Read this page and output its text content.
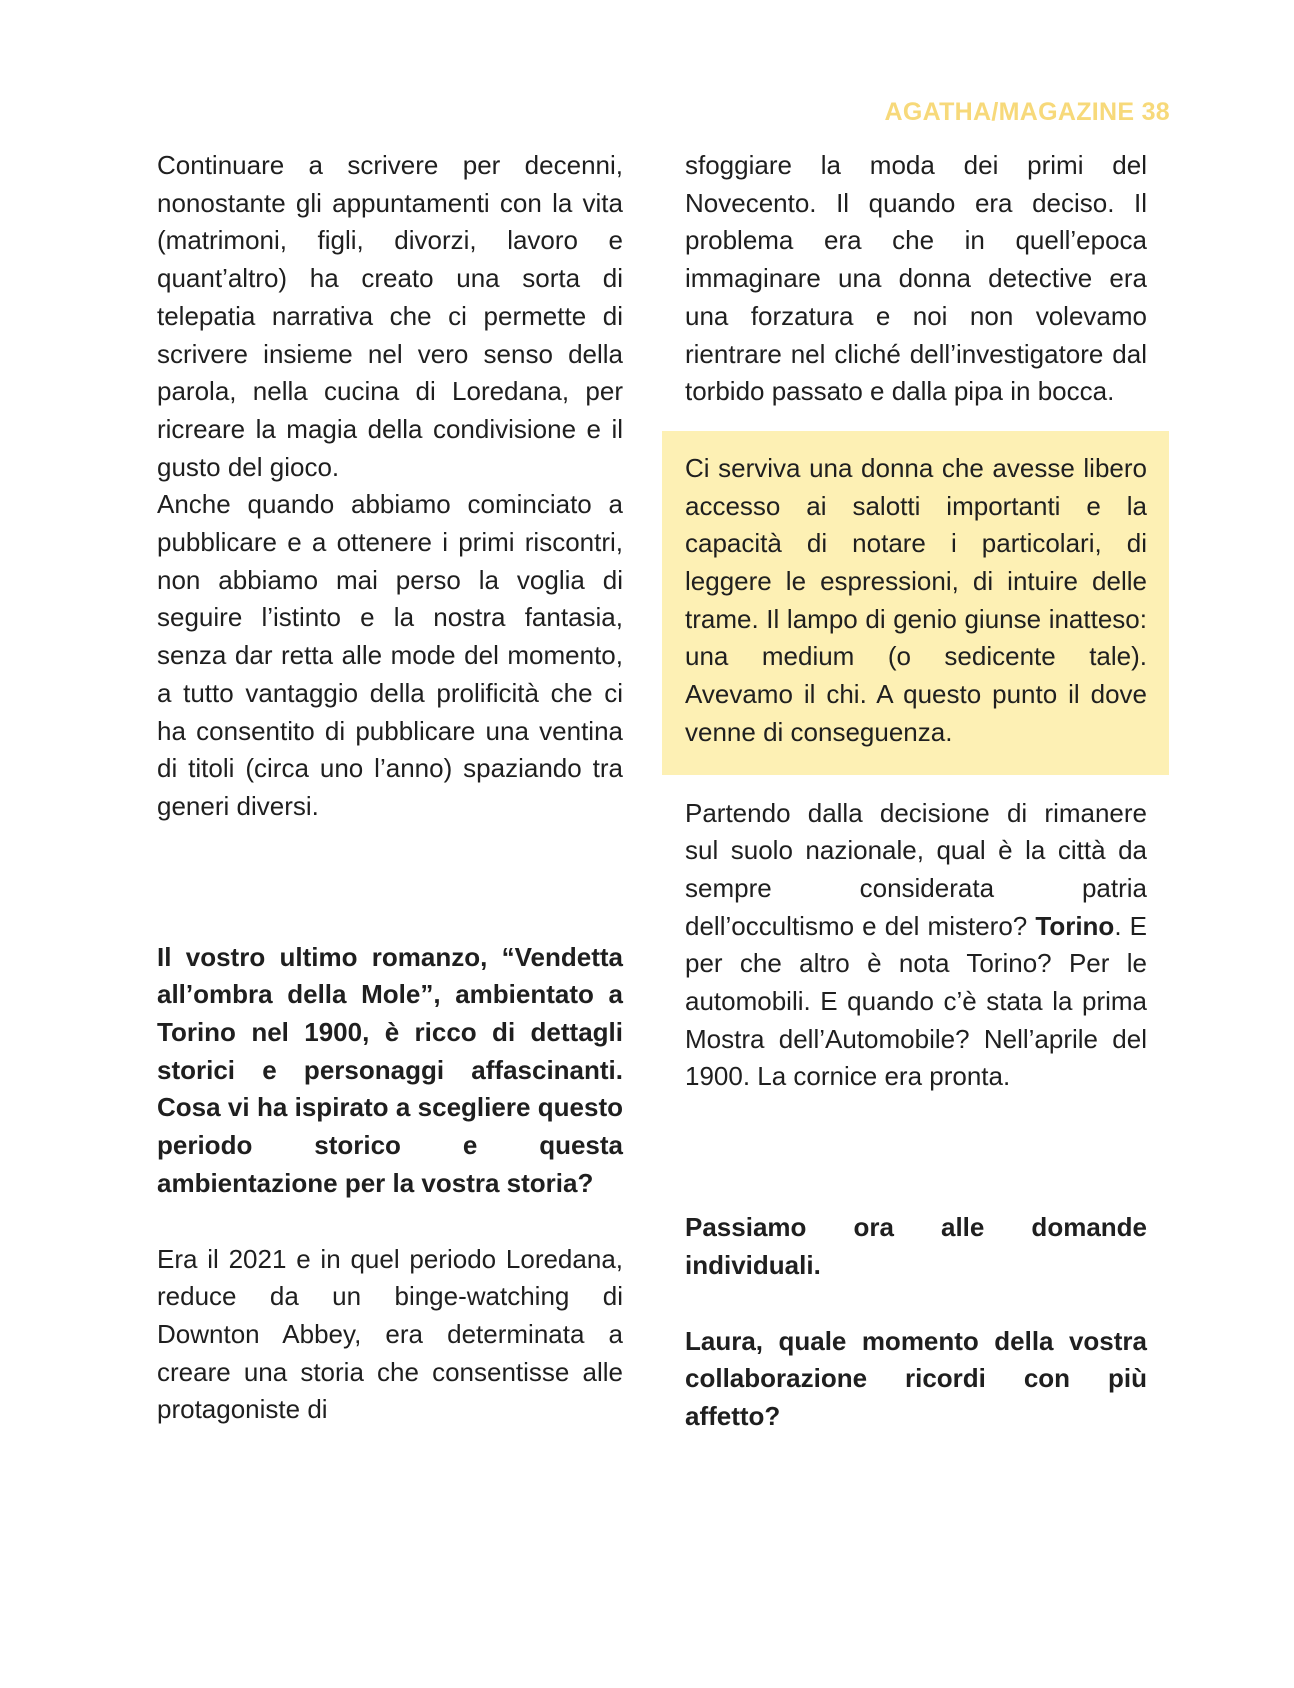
AGATHA/MAGAZINE 38

Continuare a scrivere per decenni, nonostante gli appuntamenti con la vita (matrimoni, figli, divorzi, lavoro e quant’altro) ha creato una sorta di telepatia narrativa che ci permette di scrivere insieme nel vero senso della parola, nella cucina di Loredana, per ricreare la magia della condivisione e il gusto del gioco.

Anche quando abbiamo cominciato a pubblicare e a ottenere i primi riscontri, non abbiamo mai perso la voglia di seguire l’istinto e la nostra fantasia, senza dar retta alle mode del momento, a tutto vantaggio della prolificità che ci ha consentito di pubblicare una ventina di titoli (circa uno l’anno) spaziando tra generi diversi.

Il vostro ultimo romanzo, “Vendetta all’ombra della Mole”, ambientato a Torino nel 1900, è ricco di dettagli storici e personaggi affascinanti. Cosa vi ha ispirato a scegliere questo periodo storico e questa ambientazione per la vostra storia?

Era il 2021 e in quel periodo Loredana, reduce da un binge-watching di Downton Abbey, era determinata a creare una storia che consentisse alle protagoniste di

sfoggiare la moda dei primi del Novecento. Il quando era deciso. Il problema era che in quell’epoca immaginare una donna detective era una forzatura e noi non volevamo rientrare nel cliché dell’investigatore dal torbido passato e dalla pipa in bocca.

Ci serviva una donna che avesse libero accesso ai salotti importanti e la capacità di notare i particolari, di leggere le espressioni, di intuire delle trame. Il lampo di genio giunse inatteso: una medium (o sedicente tale). Avevamo il chi. A questo punto il dove venne di conseguenza.

Partendo dalla decisione di rimanere sul suolo nazionale, qual è la città da sempre considerata patria dell’occultismo e del mistero? Torino. E per che altro è nota Torino? Per le automobili. E quando c’è stata la prima Mostra dell’Automobile? Nell’aprile del 1900. La cornice era pronta.

Passiamo ora alle domande individuali.

Laura, quale momento della vostra collaborazione ricordi con più affetto?
